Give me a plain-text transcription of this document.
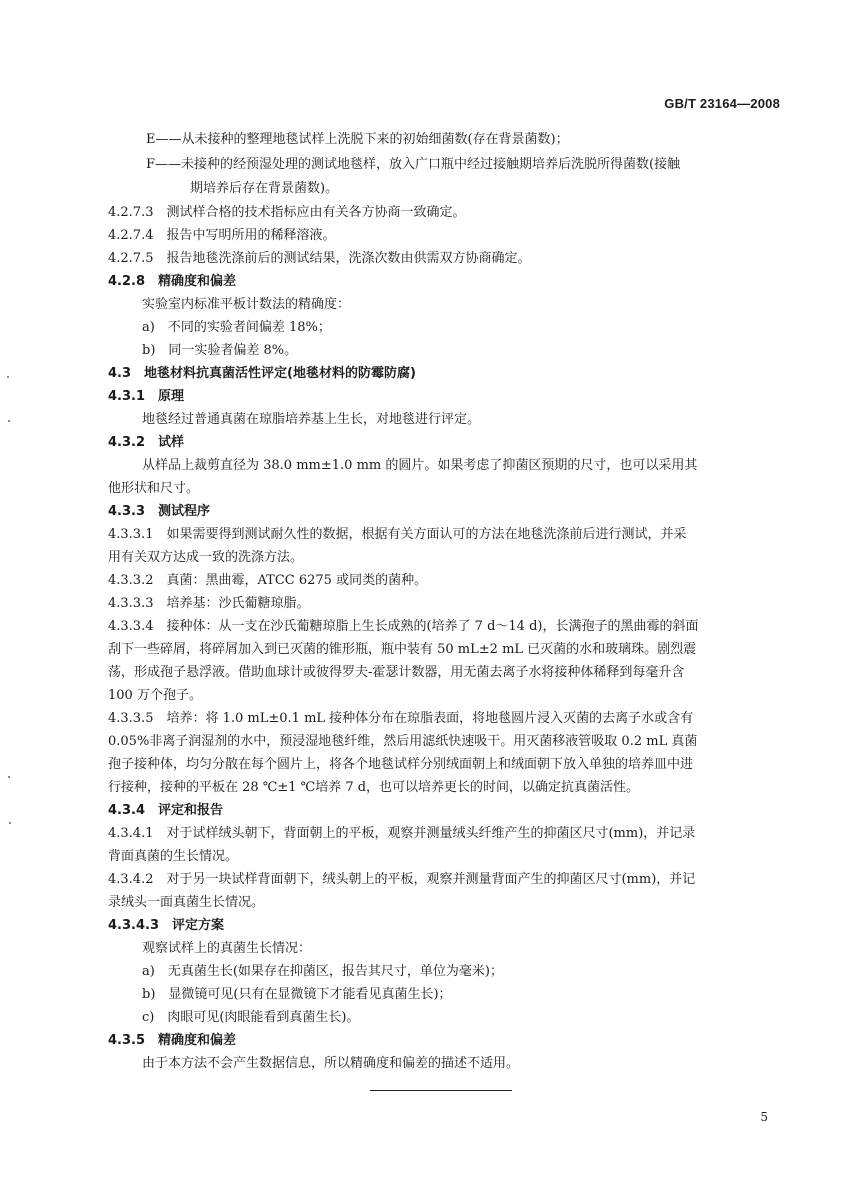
GB/T 23164—2008
E——从未接种的整理地毯试样上洗脱下来的初始细菌数(存在背景菌数)；
F——未接种的经预湿处理的测试地毯样，放入广口瓶中经过接触期培养后洗脱所得菌数(接触
期培养后存在背景菌数)。
4.2.7.3　测试样合格的技术指标应由有关各方协商一致确定。
4.2.7.4　报告中写明所用的稀释溶液。
4.2.7.5　报告地毯洗涤前后的测试结果，洗涤次数由供需双方协商确定。
4.2.8　精确度和偏差
实验室内标准平板计数法的精确度：
a)　不同的实验者间偏差 18%；
b)　同一实验者偏差 8%。
4.3　地毯材料抗真菌活性评定(地毯材料的防霉防腐)
4.3.1　原理
地毯经过普通真菌在琼脂培养基上生长，对地毯进行评定。
4.3.2　试样
从样品上裁剪直径为 38.0 mm±1.0 mm 的圆片。如果考虑了抑菌区预期的尺寸，也可以采用其
他形状和尺寸。
4.3.3　测试程序
4.3.3.1　如果需要得到测试耐久性的数据，根据有关方面认可的方法在地毯洗涤前后进行测试，并采
用有关双方达成一致的洗涤方法。
4.3.3.2　真菌：黑曲霉，ATCC 6275 或同类的菌种。
4.3.3.3　培养基：沙氏葡糖琼脂。
4.3.3.4　接种体：从一支在沙氏葡糖琼脂上生长成熟的(培养了 7 d～14 d)，长满孢子的黑曲霉的斜面
刮下一些碎屑，将碎屑加入到已灭菌的锥形瓶，瓶中装有 50 mL±2 mL 已灭菌的水和玻璃珠。剧烈震
荡，形成孢子悬浮液。借助血球计或彼得罗夫-霍瑟计数器，用无菌去离子水将接种体稀释到每毫升含
100 万个孢子。
4.3.3.5　培养：将 1.0 mL±0.1 mL 接种体分布在琼脂表面，将地毯圆片浸入灭菌的去离子水或含有
0.05%非离子润湿剂的水中，预浸湿地毯纤维，然后用滤纸快速吸干。用灭菌移液管吸取 0.2 mL 真菌
孢子接种体，均匀分散在每个圆片上，将各个地毯试样分别绒面朝上和绒面朝下放入单独的培养皿中进
行接种，接种的平板在 28 ℃±1 ℃培养 7 d，也可以培养更长的时间，以确定抗真菌活性。
4.3.4　评定和报告
4.3.4.1　对于试样绒头朝下，背面朝上的平板，观察并测量绒头纤维产生的抑菌区尺寸(mm)，并记录
背面真菌的生长情况。
4.3.4.2　对于另一块试样背面朝下，绒头朝上的平板，观察并测量背面产生的抑菌区尺寸(mm)，并记
录绒头一面真菌生长情况。
4.3.4.3　评定方案
观察试样上的真菌生长情况：
a)　无真菌生长(如果存在抑菌区，报告其尺寸，单位为毫米)；
b)　显微镜可见(只有在显微镜下才能看见真菌生长)；
c)　肉眼可见(肉眼能看到真菌生长)。
4.3.5　精确度和偏差
由于本方法不会产生数据信息，所以精确度和偏差的描述不适用。
5
